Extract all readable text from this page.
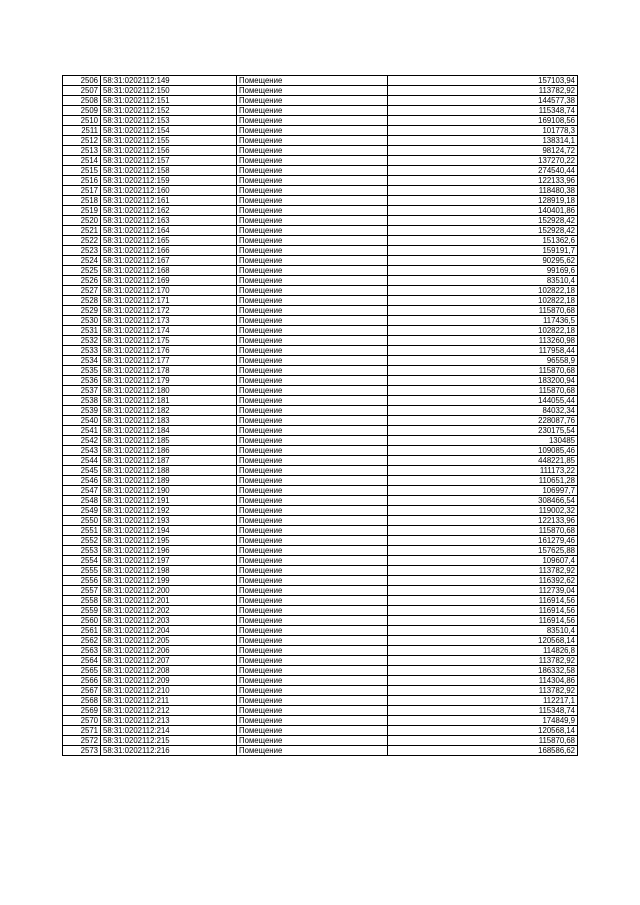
2506	58:31:0202112:149	Помещение	157103,94
2507	58:31:0202112:150	Помещение	113782,92
2508	58:31:0202112:151	Помещение	144577,38
2509	58:31:0202112:152	Помещение	115348,74
2510	58:31:0202112:153	Помещение	169108,56
2511	58:31:0202112:154	Помещение	101778,3
2512	58:31:0202112:155	Помещение	138314,1
2513	58:31:0202112:156	Помещение	98124,72
2514	58:31:0202112:157	Помещение	137270,22
2515	58:31:0202112:158	Помещение	274540,44
2516	58:31:0202112:159	Помещение	122133,96
2517	58:31:0202112:160	Помещение	118480,38
2518	58:31:0202112:161	Помещение	128919,18
2519	58:31:0202112:162	Помещение	140401,86
2520	58:31:0202112:163	Помещение	152928,42
2521	58:31:0202112:164	Помещение	152928,42
2522	58:31:0202112:165	Помещение	151362,6
2523	58:31:0202112:166	Помещение	159191,7
2524	58:31:0202112:167	Помещение	90295,62
2525	58:31:0202112:168	Помещение	99169,6
2526	58:31:0202112:169	Помещение	83510,4
2527	58:31:0202112:170	Помещение	102822,18
2528	58:31:0202112:171	Помещение	102822,18
2529	58:31:0202112:172	Помещение	115870,68
2530	58:31:0202112:173	Помещение	117436,5
2531	58:31:0202112:174	Помещение	102822,18
2532	58:31:0202112:175	Помещение	113260,98
2533	58:31:0202112:176	Помещение	117958,44
2534	58:31:0202112:177	Помещение	96558,9
2535	58:31:0202112:178	Помещение	115870,68
2536	58:31:0202112:179	Помещение	183200,94
2537	58:31:0202112:180	Помещение	115870,68
2538	58:31:0202112:181	Помещение	144055,44
2539	58:31:0202112:182	Помещение	84032,34
2540	58:31:0202112:183	Помещение	228087,76
2541	58:31:0202112:184	Помещение	230175,54
2542	58:31:0202112:185	Помещение	130485
2543	58:31:0202112:186	Помещение	109085,46
2544	58:31:0202112:187	Помещение	448221,85
2545	58:31:0202112:188	Помещение	111173,22
2546	58:31:0202112:189	Помещение	110651,28
2547	58:31:0202112:190	Помещение	106997,7
2548	58:31:0202112:191	Помещение	308466,54
2549	58:31:0202112:192	Помещение	119002,32
2550	58:31:0202112:193	Помещение	122133,96
2551	58:31:0202112:194	Помещение	115870,68
2552	58:31:0202112:195	Помещение	161279,46
2553	58:31:0202112:196	Помещение	157625,88
2554	58:31:0202112:197	Помещение	109607,4
2555	58:31:0202112:198	Помещение	113782,92
2556	58:31:0202112:199	Помещение	116392,62
2557	58:31:0202112:200	Помещение	112739,04
2558	58:31:0202112:201	Помещение	116914,56
2559	58:31:0202112:202	Помещение	116914,56
2560	58:31:0202112:203	Помещение	116914,56
2561	58:31:0202112:204	Помещение	83510,4
2562	58:31:0202112:205	Помещение	120568,14
2563	58:31:0202112:206	Помещение	114826,8
2564	58:31:0202112:207	Помещение	113782,92
2565	58:31:0202112:208	Помещение	186332,58
2566	58:31:0202112:209	Помещение	114304,86
2567	58:31:0202112:210	Помещение	113782,92
2568	58:31:0202112:211	Помещение	112217,1
2569	58:31:0202112:212	Помещение	115348,74
2570	58:31:0202112:213	Помещение	174849,9
2571	58:31:0202112:214	Помещение	120568,14
2572	58:31:0202112:215	Помещение	115870,68
2573	58:31:0202112:216	Помещение	168586,62
